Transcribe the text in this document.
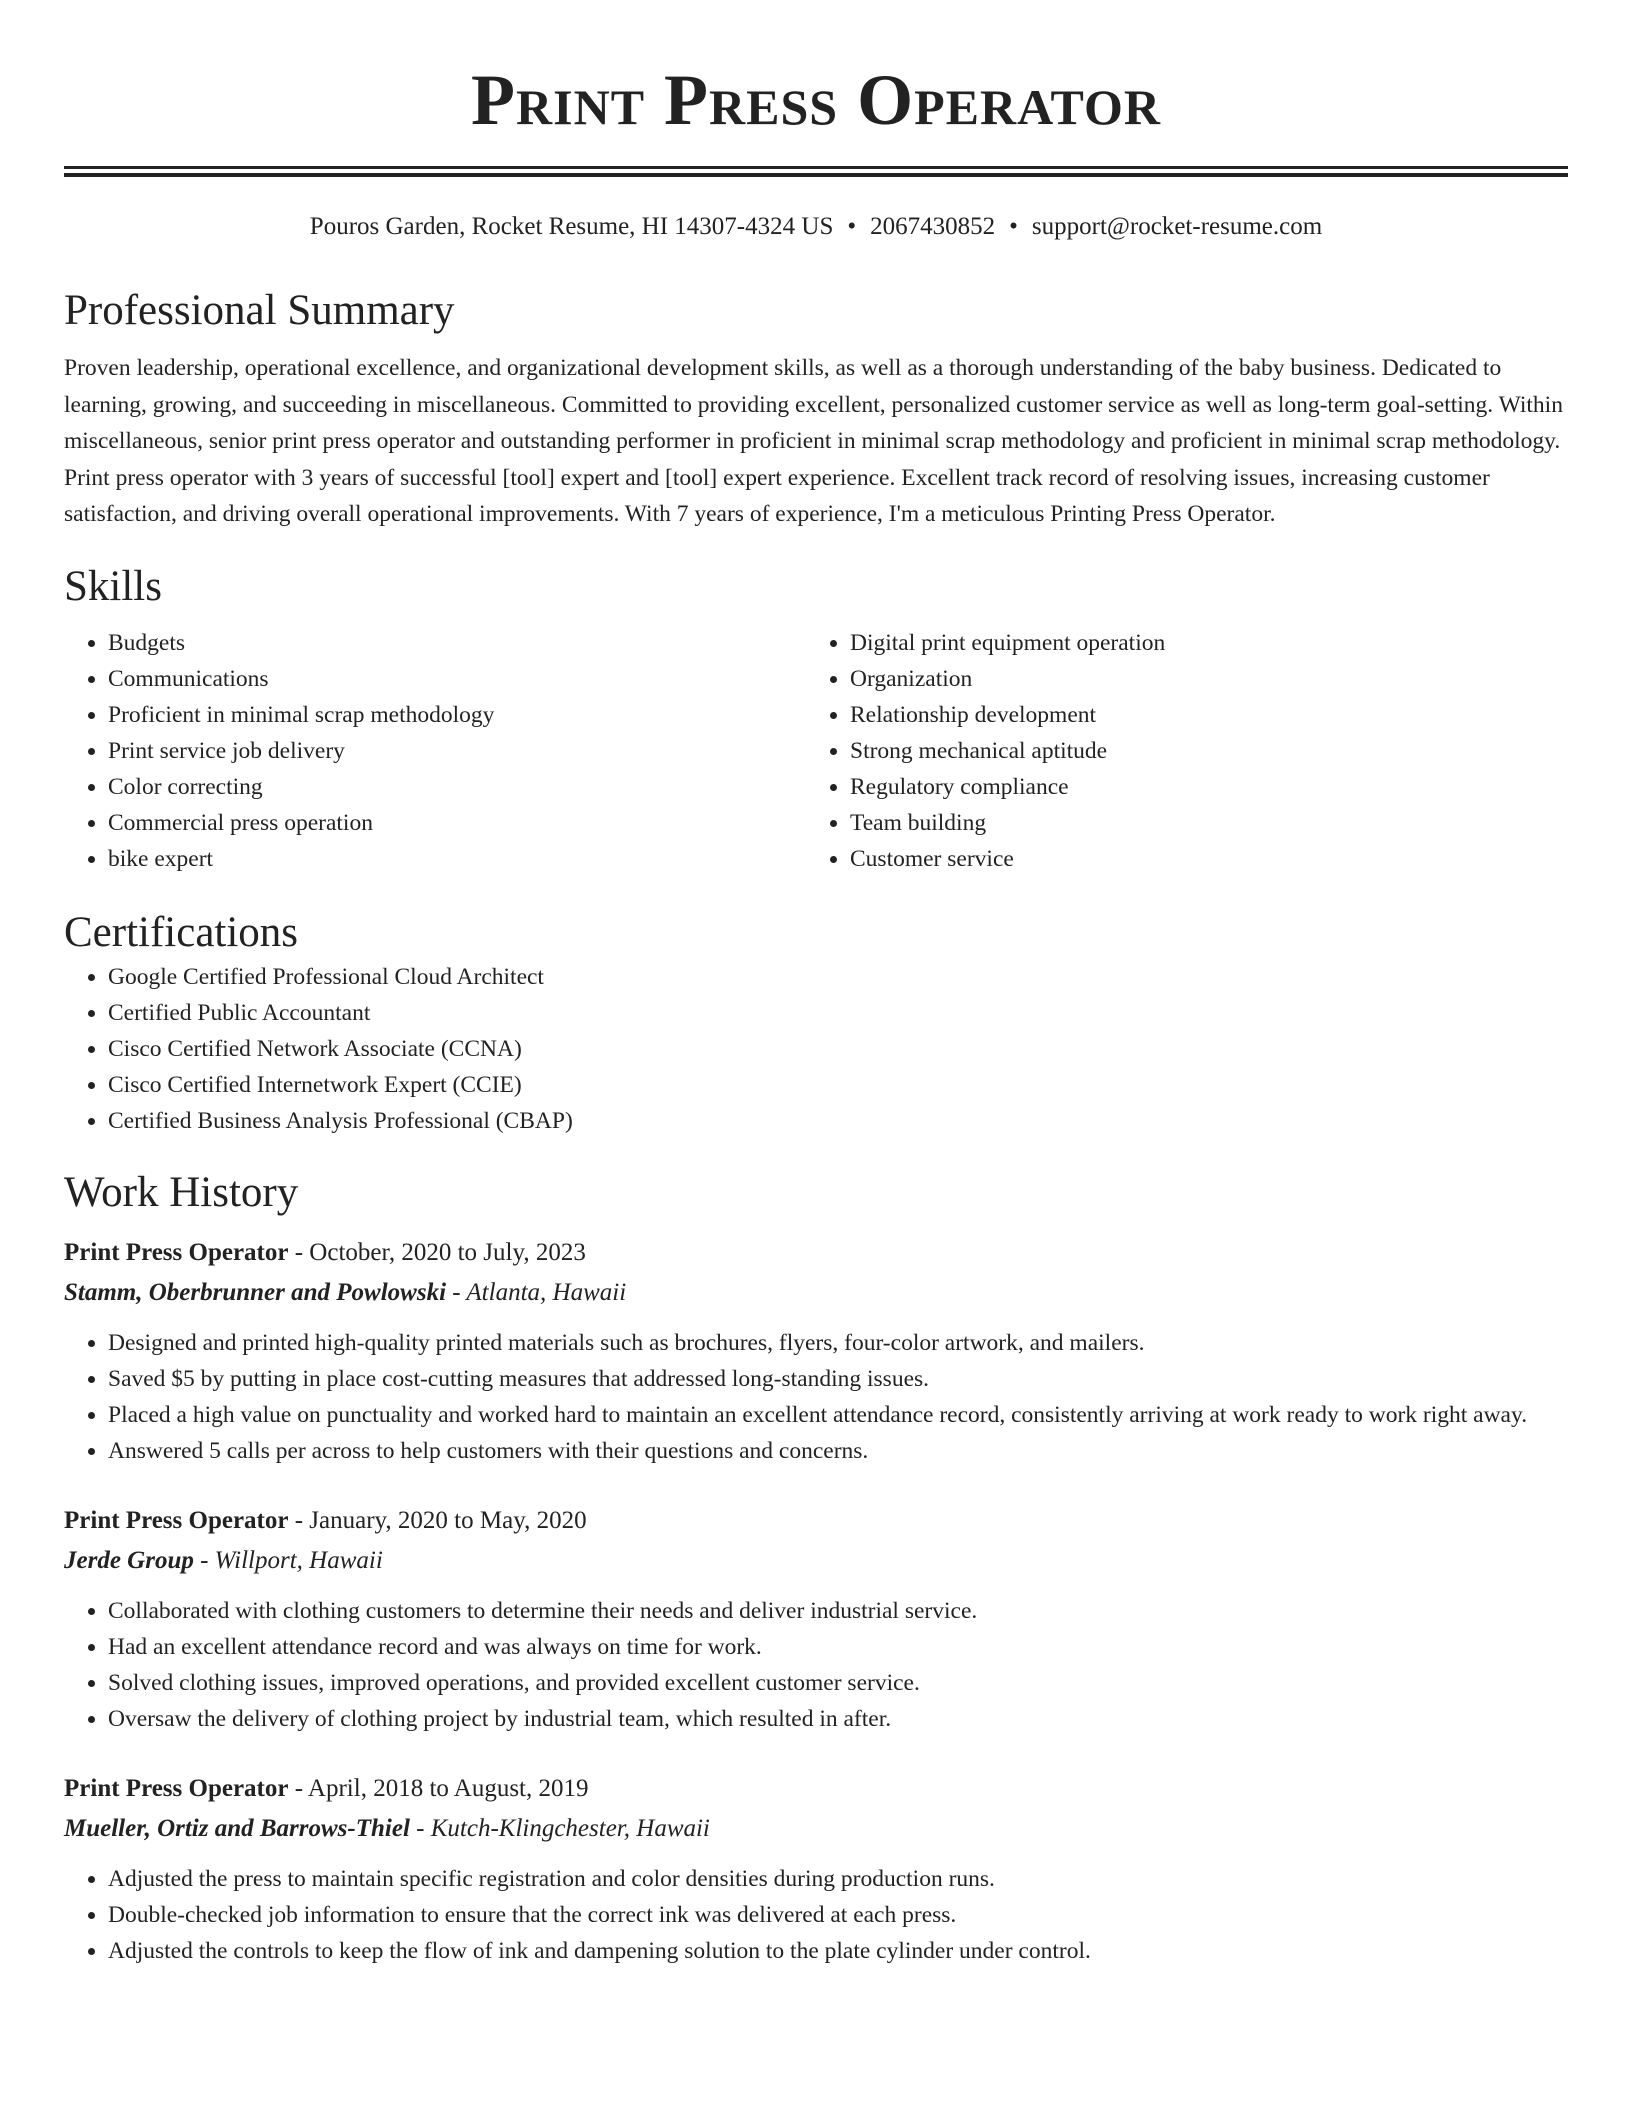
Print Press Operator
Pouros Garden, Rocket Resume, HI 14307-4324 US • 2067430852 • support@rocket-resume.com
Professional Summary

Proven leadership, operational excellence, and organizational development skills, as well as a thorough understanding of the baby business. Dedicated to learning, growing, and succeeding in miscellaneous. Committed to providing excellent, personalized customer service as well as long-term goal-setting. Within miscellaneous, senior print press operator and outstanding performer in proficient in minimal scrap methodology and proficient in minimal scrap methodology. Print press operator with 3 years of successful [tool] expert and [tool] expert experience. Excellent track record of resolving issues, increasing customer satisfaction, and driving overall operational improvements. With 7 years of experience, I'm a meticulous Printing Press Operator.

Skills
• Budgets
• Communications
• Proficient in minimal scrap methodology
• Print service job delivery
• Color correcting
• Commercial press operation
• bike expert
• Digital print equipment operation
• Organization
• Relationship development
• Strong mechanical aptitude
• Regulatory compliance
• Team building
• Customer service
Certifications
• Google Certified Professional Cloud Architect
• Certified Public Accountant
• Cisco Certified Network Associate (CCNA)
• Cisco Certified Internetwork Expert (CCIE)
• Certified Business Analysis Professional (CBAP)
Work History
Print Press Operator - October, 2020 to July, 2023
Stamm, Oberbrunner and Powlowski - Atlanta, Hawaii
• Designed and printed high-quality printed materials such as brochures, flyers, four-color artwork, and mailers.
• Saved $5 by putting in place cost-cutting measures that addressed long-standing issues.
• Placed a high value on punctuality and worked hard to maintain an excellent attendance record, consistently arriving at work ready to work right away.
• Answered 5 calls per across to help customers with their questions and concerns.
Print Press Operator - January, 2020 to May, 2020
Jerde Group - Willport, Hawaii
• Collaborated with clothing customers to determine their needs and deliver industrial service.
• Had an excellent attendance record and was always on time for work.
• Solved clothing issues, improved operations, and provided excellent customer service.
• Oversaw the delivery of clothing project by industrial team, which resulted in after.
Print Press Operator - April, 2018 to August, 2019
Mueller, Ortiz and Barrows-Thiel - Kutch-Klingchester, Hawaii
• Adjusted the press to maintain specific registration and color densities during production runs.
• Double-checked job information to ensure that the correct ink was delivered at each press.
• Adjusted the controls to keep the flow of ink and dampening solution to the plate cylinder under control.
